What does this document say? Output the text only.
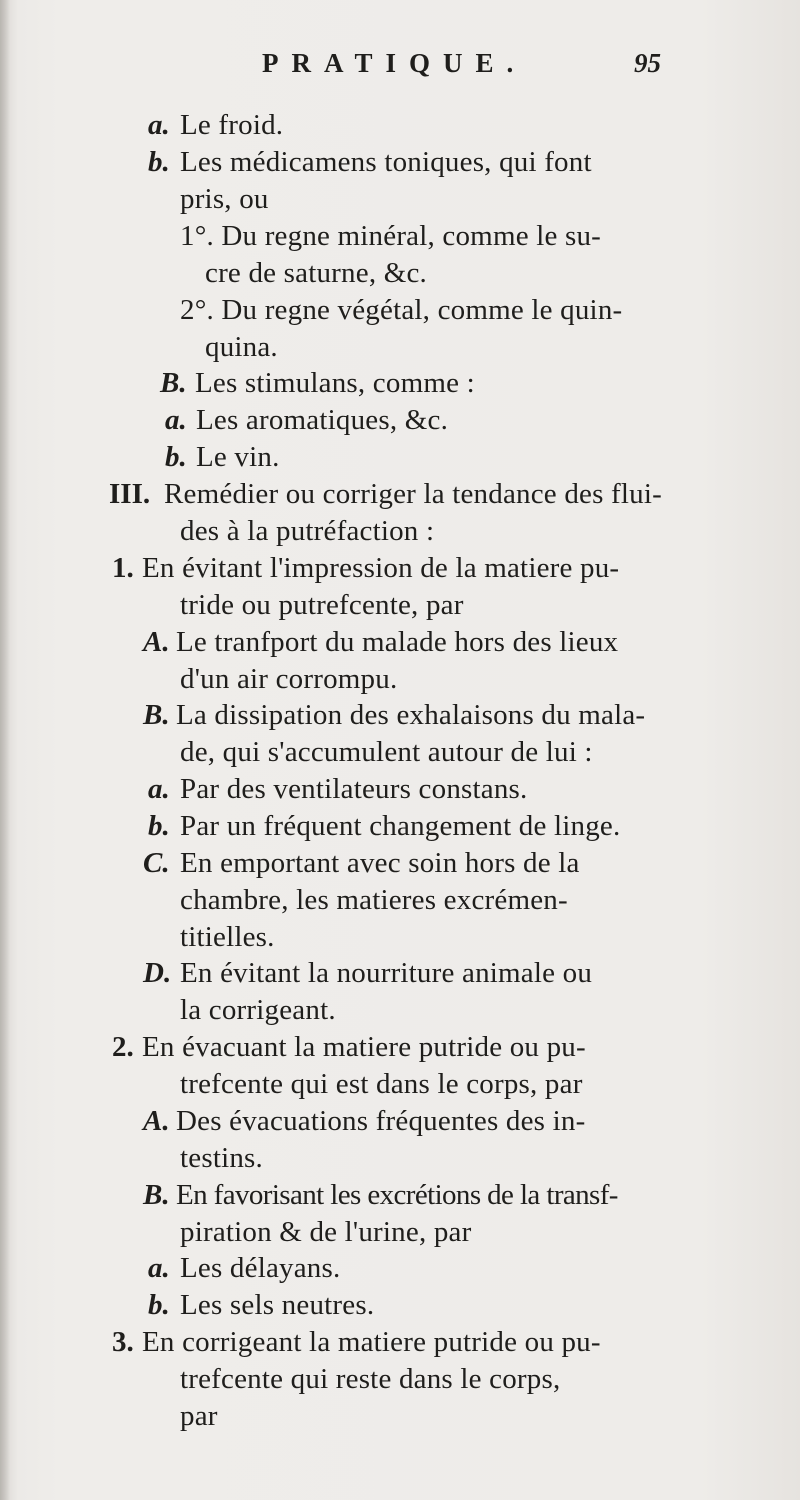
PRATIQUE.	95
a. Le froid.
b. Les médicamens toniques, qui font
pris, ou
1°. Du regne minéral, comme le su-
cre de saturne, &c.
2°. Du regne végétal, comme le quin-
quina.
B. Les stimulans, comme :
a. Les aromatiques, &c.
b. Le vin.
III. Remédier ou corriger la tendance des flui-
des à la putréfaction :
1. En évitant l'impression de la matiere pu-
tride ou putrefcente, par
A. Le tranfport du malade hors des lieux
d'un air corrompu.
B. La dissipation des exhalaisons du mala-
de, qui s'accumulent autour de lui :
a. Par des ventilateurs constans.
b. Par un fréquent changement de linge.
C. En emportant avec soin hors de la
chambre, les matieres excrémen-
titielles.
D. En évitant la nourriture animale ou
la corrigeant.
2. En évacuant la matiere putride ou pu-
trefcente qui est dans le corps, par
A. Des évacuations fréquentes des in-
testins.
B. En favorisant les excrétions de la transf-
piration & de l'urine, par
a. Les délayans.
b. Les sels neutres.
3. En corrigeant la matiere putride ou pu-
trefcente qui reste dans le corps,
par
